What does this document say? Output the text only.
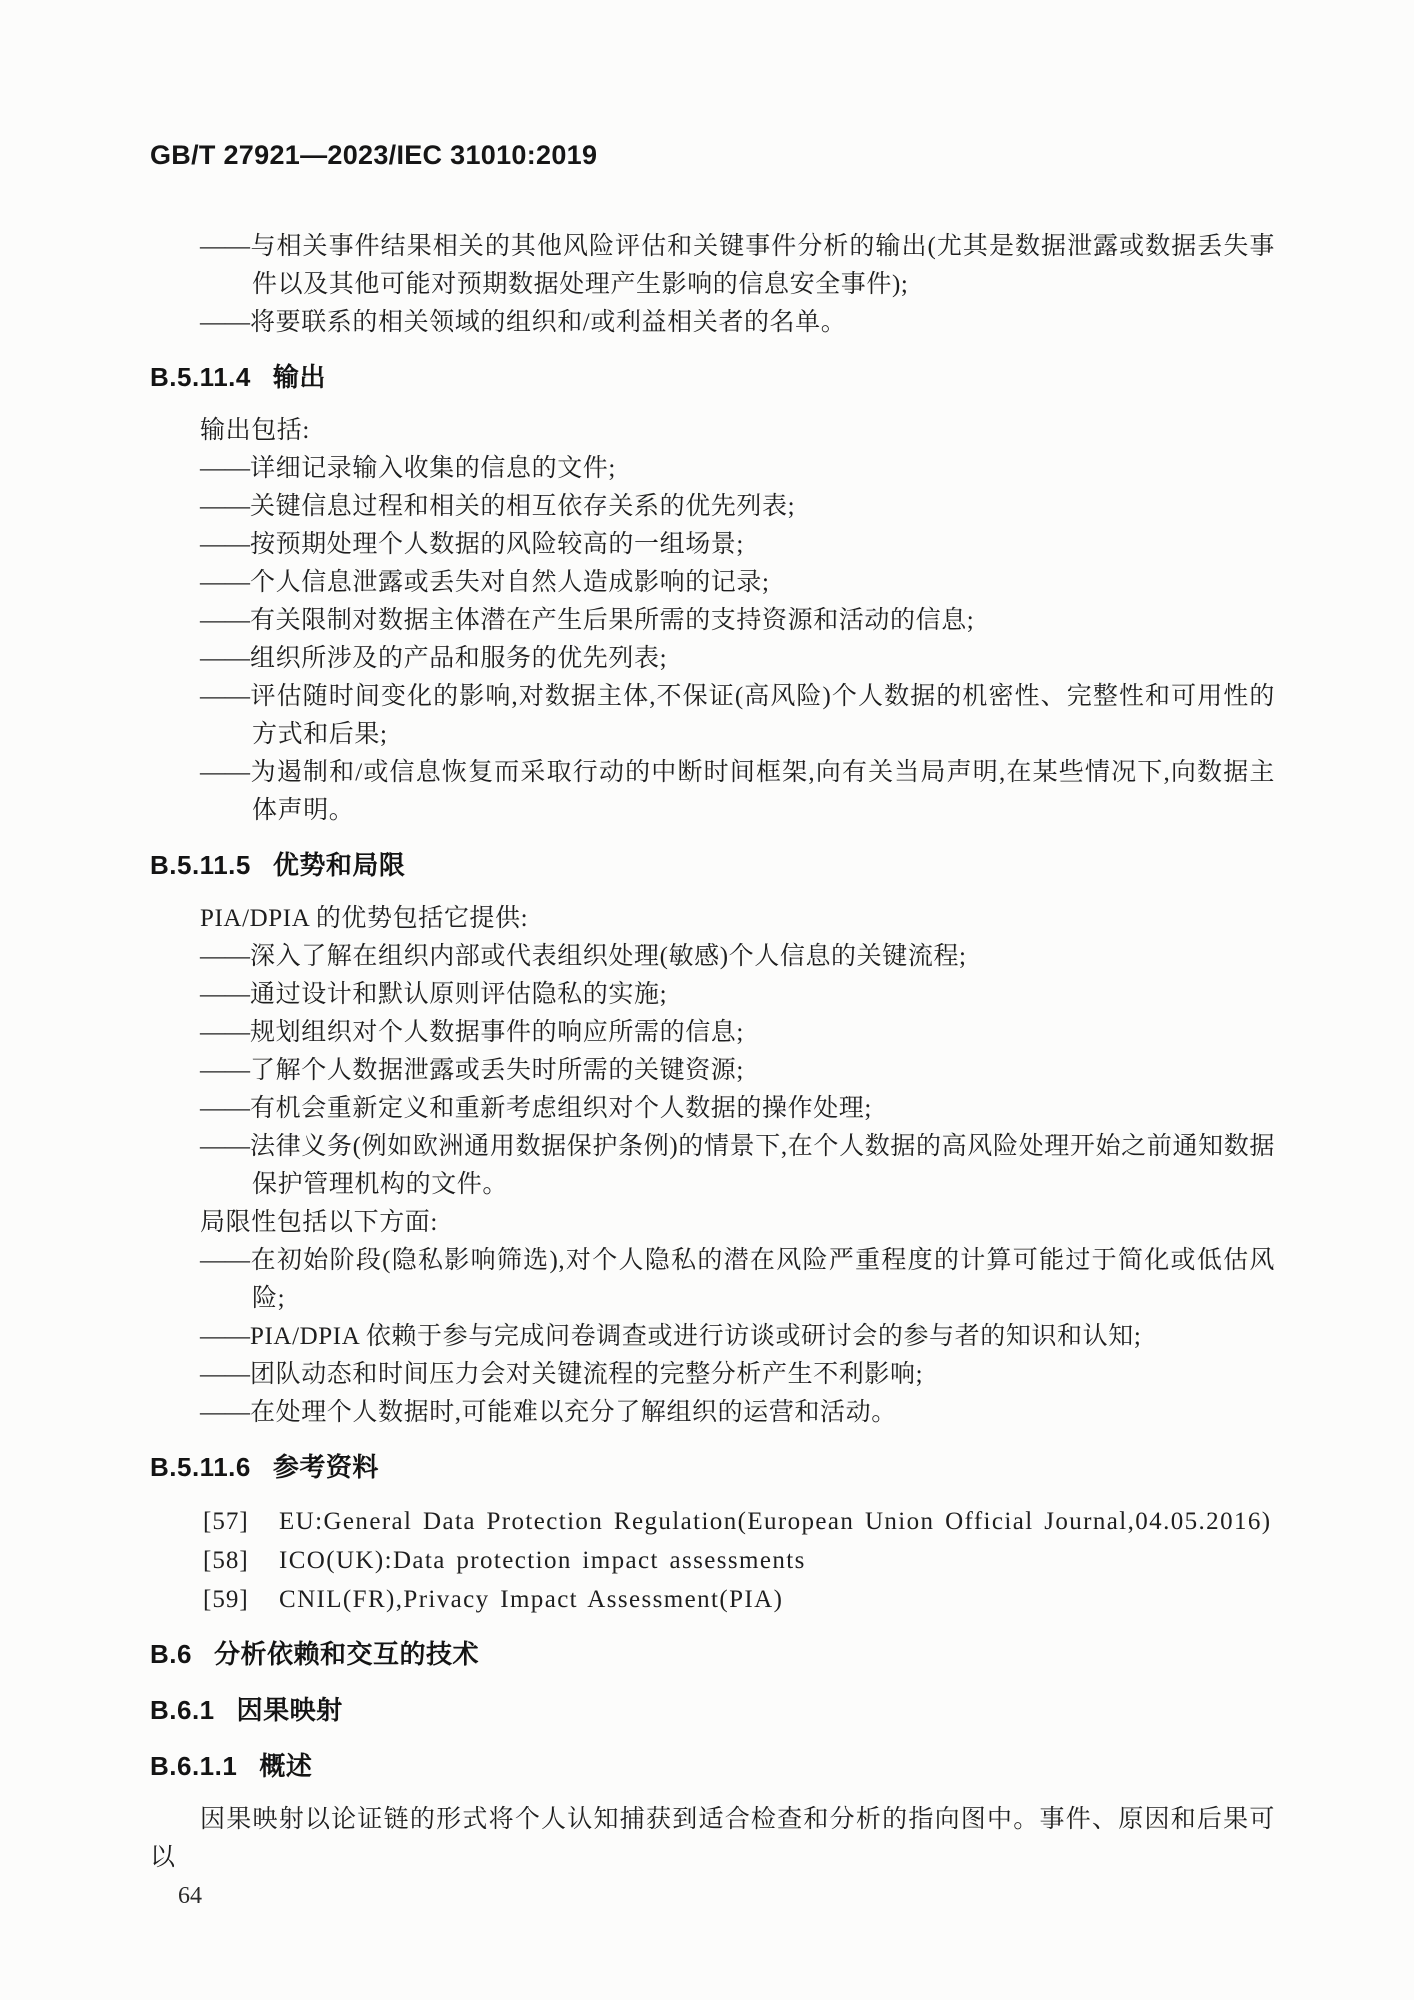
GB/T 27921—2023/IEC 31010:2019
——与相关事件结果相关的其他风险评估和关键事件分析的输出(尤其是数据泄露或数据丢失事件以及其他可能对预期数据处理产生影响的信息安全事件);
——将要联系的相关领域的组织和/或利益相关者的名单。
B.5.11.4 输出
输出包括:
——详细记录输入收集的信息的文件;
——关键信息过程和相关的相互依存关系的优先列表;
——按预期处理个人数据的风险较高的一组场景;
——个人信息泄露或丢失对自然人造成影响的记录;
——有关限制对数据主体潜在产生后果所需的支持资源和活动的信息;
——组织所涉及的产品和服务的优先列表;
——评估随时间变化的影响,对数据主体,不保证(高风险)个人数据的机密性、完整性和可用性的方式和后果;
——为遏制和/或信息恢复而采取行动的中断时间框架,向有关当局声明,在某些情况下,向数据主体声明。
B.5.11.5 优势和局限
PIA/DPIA 的优势包括它提供:
——深入了解在组织内部或代表组织处理(敏感)个人信息的关键流程;
——通过设计和默认原则评估隐私的实施;
——规划组织对个人数据事件的响应所需的信息;
——了解个人数据泄露或丢失时所需的关键资源;
——有机会重新定义和重新考虑组织对个人数据的操作处理;
——法律义务(例如欧洲通用数据保护条例)的情景下,在个人数据的高风险处理开始之前通知数据保护管理机构的文件。
局限性包括以下方面:
——在初始阶段(隐私影响筛选),对个人隐私的潜在风险严重程度的计算可能过于简化或低估风险;
——PIA/DPIA 依赖于参与完成问卷调查或进行访谈或研讨会的参与者的知识和认知;
——团队动态和时间压力会对关键流程的完整分析产生不利影响;
——在处理个人数据时,可能难以充分了解组织的运营和活动。
B.5.11.6 参考资料
[57] EU:General Data Protection Regulation(European Union Official Journal,04.05.2016)
[58] ICO(UK):Data protection impact assessments
[59] CNIL(FR),Privacy Impact Assessment(PIA)
B.6 分析依赖和交互的技术
B.6.1 因果映射
B.6.1.1 概述
因果映射以论证链的形式将个人认知捕获到适合检查和分析的指向图中。事件、原因和后果可以
64
